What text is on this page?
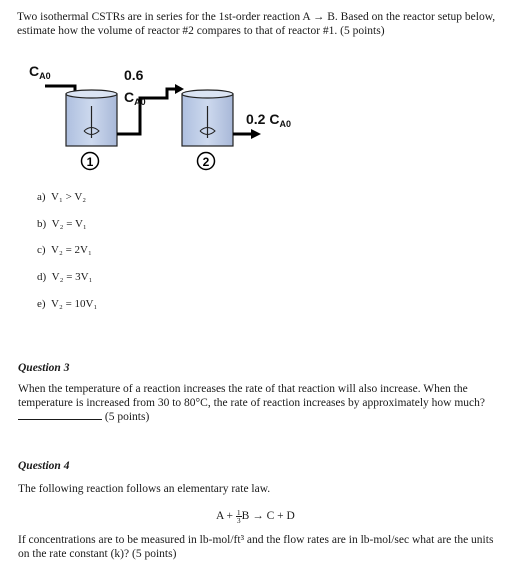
Two isothermal CSTRs are in series for the 1st-order reaction A → B. Based on the reactor setup below, estimate how the volume of reactor #2 compares to that of reactor #1. (5 points)
$C_{A0}$	0.6
$C_{A0}$
0.2 $C_{A0}$
1	2
a) V₁ > V₂
b) V₂ = V₁
c) V₂ = 2V₁
d) V₂ = 3V₁
e) V₂ = 10V₁
Question 3
When the temperature of a reaction increases the rate of that reaction will also increase. When the temperature is increased from 30 to 80°C, the rate of reaction increases by approximately how much?  (5 points)
Question 4
The following reaction follows an elementary rate law.
$A + \frac{1}{3}$ B → C + D
If concentrations are to be measured in lb-mol/ft³ and the flow rates are in lb-mol/sec what are the units on the rate constant (k)? (5 points)
